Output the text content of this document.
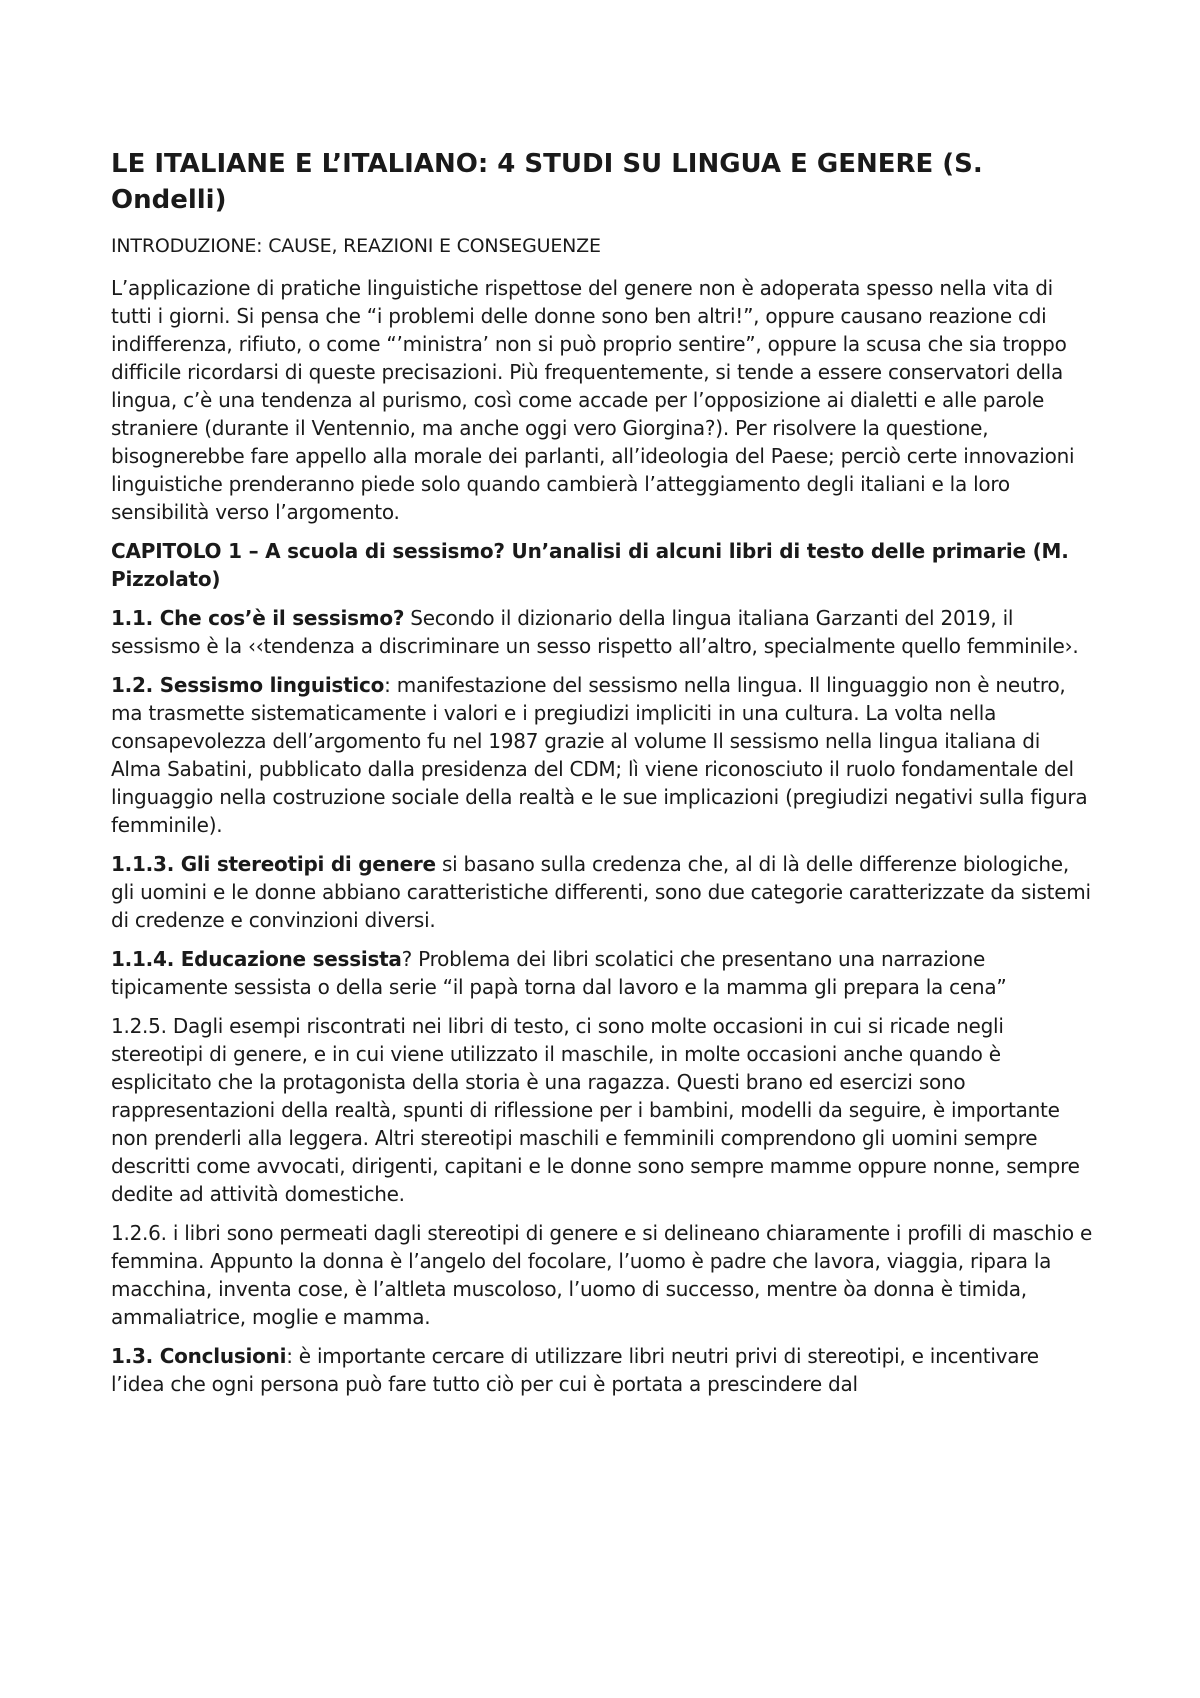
LE ITALIANE E L’ITALIANO: 4 STUDI SU LINGUA E GENERE (S. Ondelli)
INTRODUZIONE: CAUSE, REAZIONI E CONSEGUENZE

L’applicazione di pratiche linguistiche rispettose del genere non è adoperata spesso nella vita di tutti i giorni. Si pensa che “i problemi delle donne sono ben altri!”, oppure causano reazione cdi indifferenza, rifiuto, o come “’ministra’ non si può proprio sentire”, oppure la scusa che sia troppo difficile ricordarsi di queste precisazioni. Più frequentemente, si tende a essere conservatori della lingua, c’è una tendenza al purismo, così come accade per l’opposizione ai dialetti e alle parole straniere (durante il Ventennio, ma anche oggi vero Giorgina?). Per risolvere la questione, bisognerebbe fare appello alla morale dei parlanti, all’ideologia del Paese; perciò certe innovazioni linguistiche prenderanno piede solo quando cambierà l’atteggiamento degli italiani e la loro sensibilità verso l’argomento.

CAPITOLO 1 – A scuola di sessismo? Un’analisi di alcuni libri di testo delle primarie (M. Pizzolato)

1.1. Che cos’è il sessismo? Secondo il dizionario della lingua italiana Garzanti del 2019, il sessismo è la ‹‹tendenza a discriminare un sesso rispetto all’altro, specialmente quello femminile›.

1.2. Sessismo linguistico: manifestazione del sessismo nella lingua. Il linguaggio non è neutro, ma trasmette sistematicamente i valori e i pregiudizi impliciti in una cultura. La volta nella consapevolezza dell’argomento fu nel 1987 grazie al volume Il sessismo nella lingua italiana di Alma Sabatini, pubblicato dalla presidenza del CDM; lì viene riconosciuto il ruolo fondamentale del linguaggio nella costruzione sociale della realtà e le sue implicazioni (pregiudizi negativi sulla figura femminile).

1.1.3. Gli stereotipi di genere si basano sulla credenza che, al di là delle differenze biologiche, gli uomini e le donne abbiano caratteristiche differenti, sono due categorie caratterizzate da sistemi di credenze e convinzioni diversi.

1.1.4. Educazione sessista? Problema dei libri scolatici che presentano una narrazione tipicamente sessista o della serie “il papà torna dal lavoro e la mamma gli prepara la cena”

1.2.5. Dagli esempi riscontrati nei libri di testo, ci sono molte occasioni in cui si ricade negli stereotipi di genere, e in cui viene utilizzato il maschile, in molte occasioni anche quando è esplicitato che la protagonista della storia è una ragazza. Questi brano ed esercizi sono rappresentazioni della realtà, spunti di riflessione per i bambini, modelli da seguire, è importante non prenderli alla leggera. Altri stereotipi maschili e femminili comprendono gli uomini sempre descritti come avvocati, dirigenti, capitani e le donne sono sempre mamme oppure nonne, sempre dedite ad attività domestiche.

1.2.6. i libri sono permeati dagli stereotipi di genere e si delineano chiaramente i profili di maschio e femmina. Appunto la donna è l’angelo del focolare, l’uomo è padre che lavora, viaggia, ripara la macchina, inventa cose, è l’altleta muscoloso, l’uomo di successo, mentre òa donna è timida, ammaliatrice, moglie e mamma.

1.3. Conclusioni: è importante cercare di utilizzare libri neutri privi di stereotipi, e incentivare l’idea che ogni persona può fare tutto ciò per cui è portata a prescindere dal
